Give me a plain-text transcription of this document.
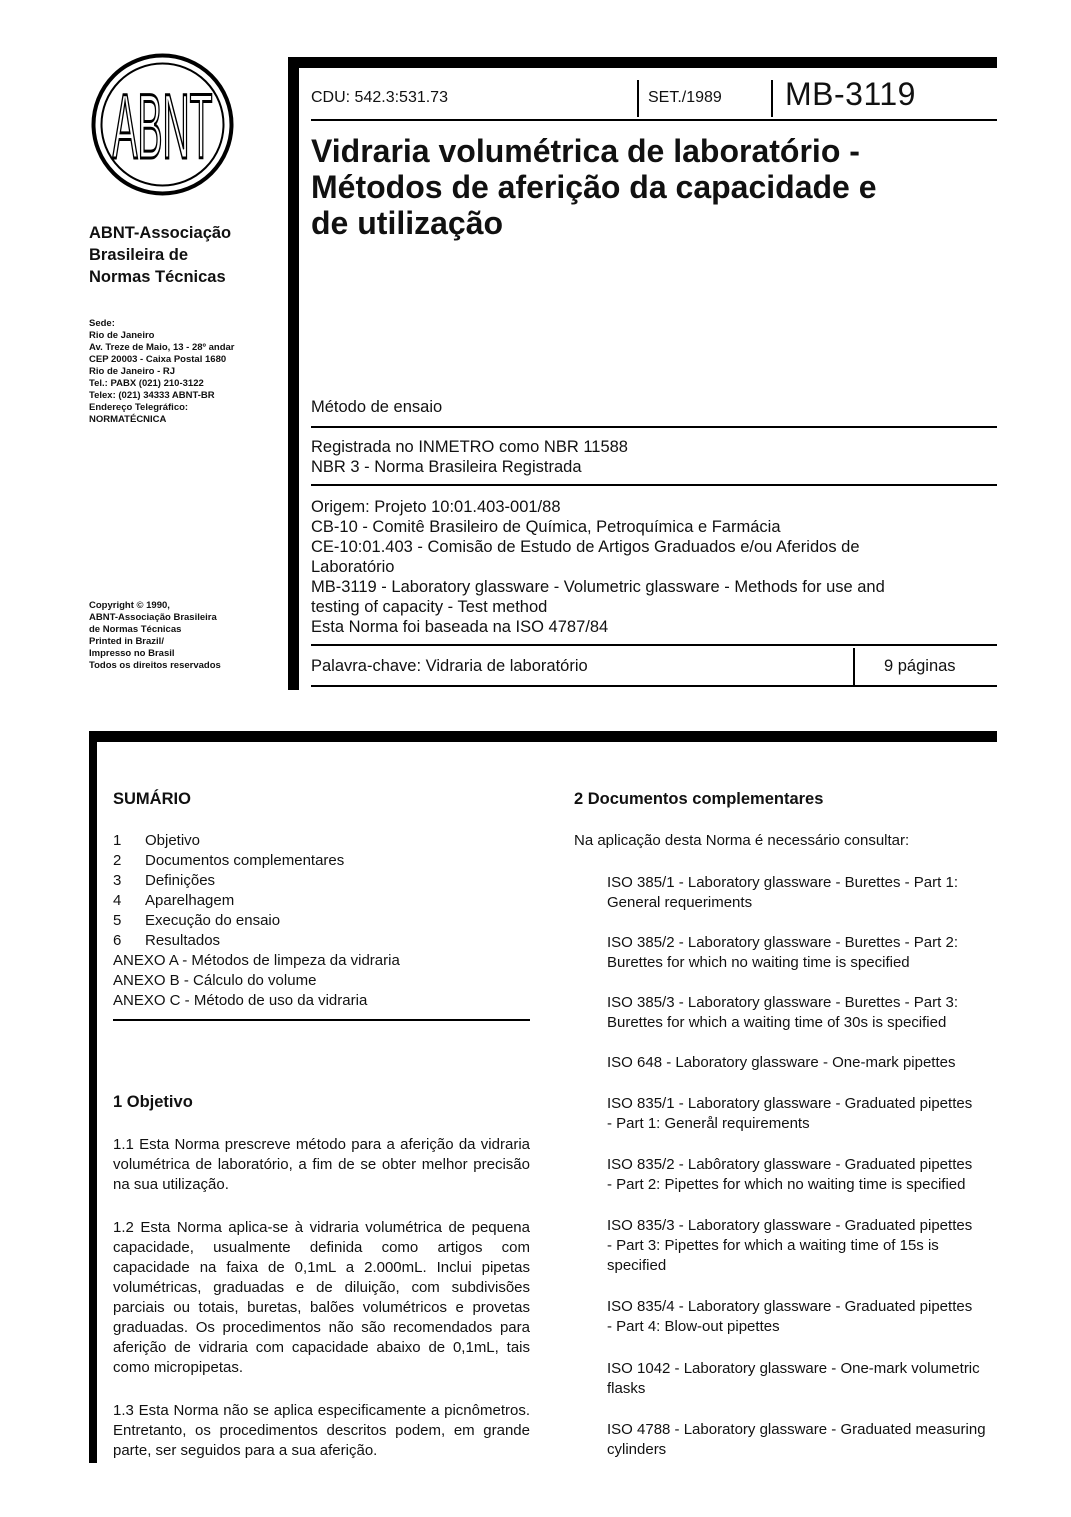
ABNT
ABNT-Associação
Brasileira de
Normas Técnicas
Sede:
Rio de Janeiro
Av. Treze de Maio, 13 - 28º andar
CEP 20003 - Caixa Postal 1680
Rio de Janeiro - RJ
Tel.: PABX (021) 210-3122
Telex: (021) 34333 ABNT-BR
Endereço Telegráfico:
NORMATÉCNICA
Copyright © 1990,
ABNT-Associação Brasileira
de Normas Técnicas
Printed in Brazil/
Impresso no Brasil
Todos os direitos reservados
CDU: 542.3:531.73	SET./1989 MB-3119
Vidraria volumétrica de laboratório -
Métodos de aferição da capacidade e
de utilização
Método de ensaio
Registrada no INMETRO como NBR 11588
NBR 3 - Norma Brasileira Registrada
Origem: Projeto 10:01.403-001/88
CB-10 - Comitê Brasileiro de Química, Petroquímica e Farmácia
CE-10:01.403 - Comisão de Estudo de Artigos Graduados e/ou Aferidos de
Laboratório
MB-3119 - Laboratory glassware - Volumetric glassware - Methods for use and
testing of capacity - Test method
Esta Norma foi baseada na ISO 4787/84
Palavra-chave: Vidraria de laboratório	9 páginas
SUMÁRIO
1 Objetivo
2 Documentos complementares
3 Definições
4 Aparelhagem
5 Execução do ensaio
6 Resultados
ANEXO A - Métodos de limpeza da vidraria
ANEXO B - Cálculo do volume
ANEXO C - Método de uso da vidraria
1 Objetivo
1.1 Esta Norma prescreve método para a aferição da vidraria volumétrica de laboratório, a fim de se obter melhor precisão na sua utilização.
1.2 Esta Norma aplica-se à vidraria volumétrica de pequena capacidade, usualmente definida como artigos com capacidade na faixa de 0,1mL a 2.000mL. Inclui pipetas volumétricas, graduadas e de diluição, com subdivisões parciais ou totais, buretas, balões volumétricos e provetas graduadas. Os procedimentos não são recomendados para aferição de vidraria com capacidade abaixo de 0,1mL, tais como micropipetas.
1.3 Esta Norma não se aplica especificamente a picnômetros. Entretanto, os procedimentos descritos podem, em grande parte, ser seguidos para a sua aferição.
2 Documentos complementares
Na aplicação desta Norma é necessário consultar:
ISO 385/1 - Laboratory glassware - Burettes - Part 1:
General requeriments
ISO 385/2 - Laboratory glassware - Burettes - Part 2:
Burettes for which no waiting time is specified
ISO 385/3 - Laboratory glassware - Burettes - Part 3:
Burettes for which a waiting time of 30s is specified
ISO 648 - Laboratory glassware - One-mark pipettes
ISO 835/1 - Laboratory glassware - Graduated pipettes
- Part 1: Generål requirements
ISO 835/2 - Labôratory glassware - Graduated pipettes
- Part 2: Pipettes for which no waiting time is specified
ISO 835/3 - Laboratory glassware - Graduated pipettes
- Part 3: Pipettes for which a waiting time of 15s is
specified
ISO 835/4 - Laboratory glassware - Graduated pipettes
- Part 4: Blow-out pipettes
ISO 1042 - Laboratory glassware - One-mark volumetric
flasks
ISO 4788 - Laboratory glassware - Graduated measuring
cylinders
